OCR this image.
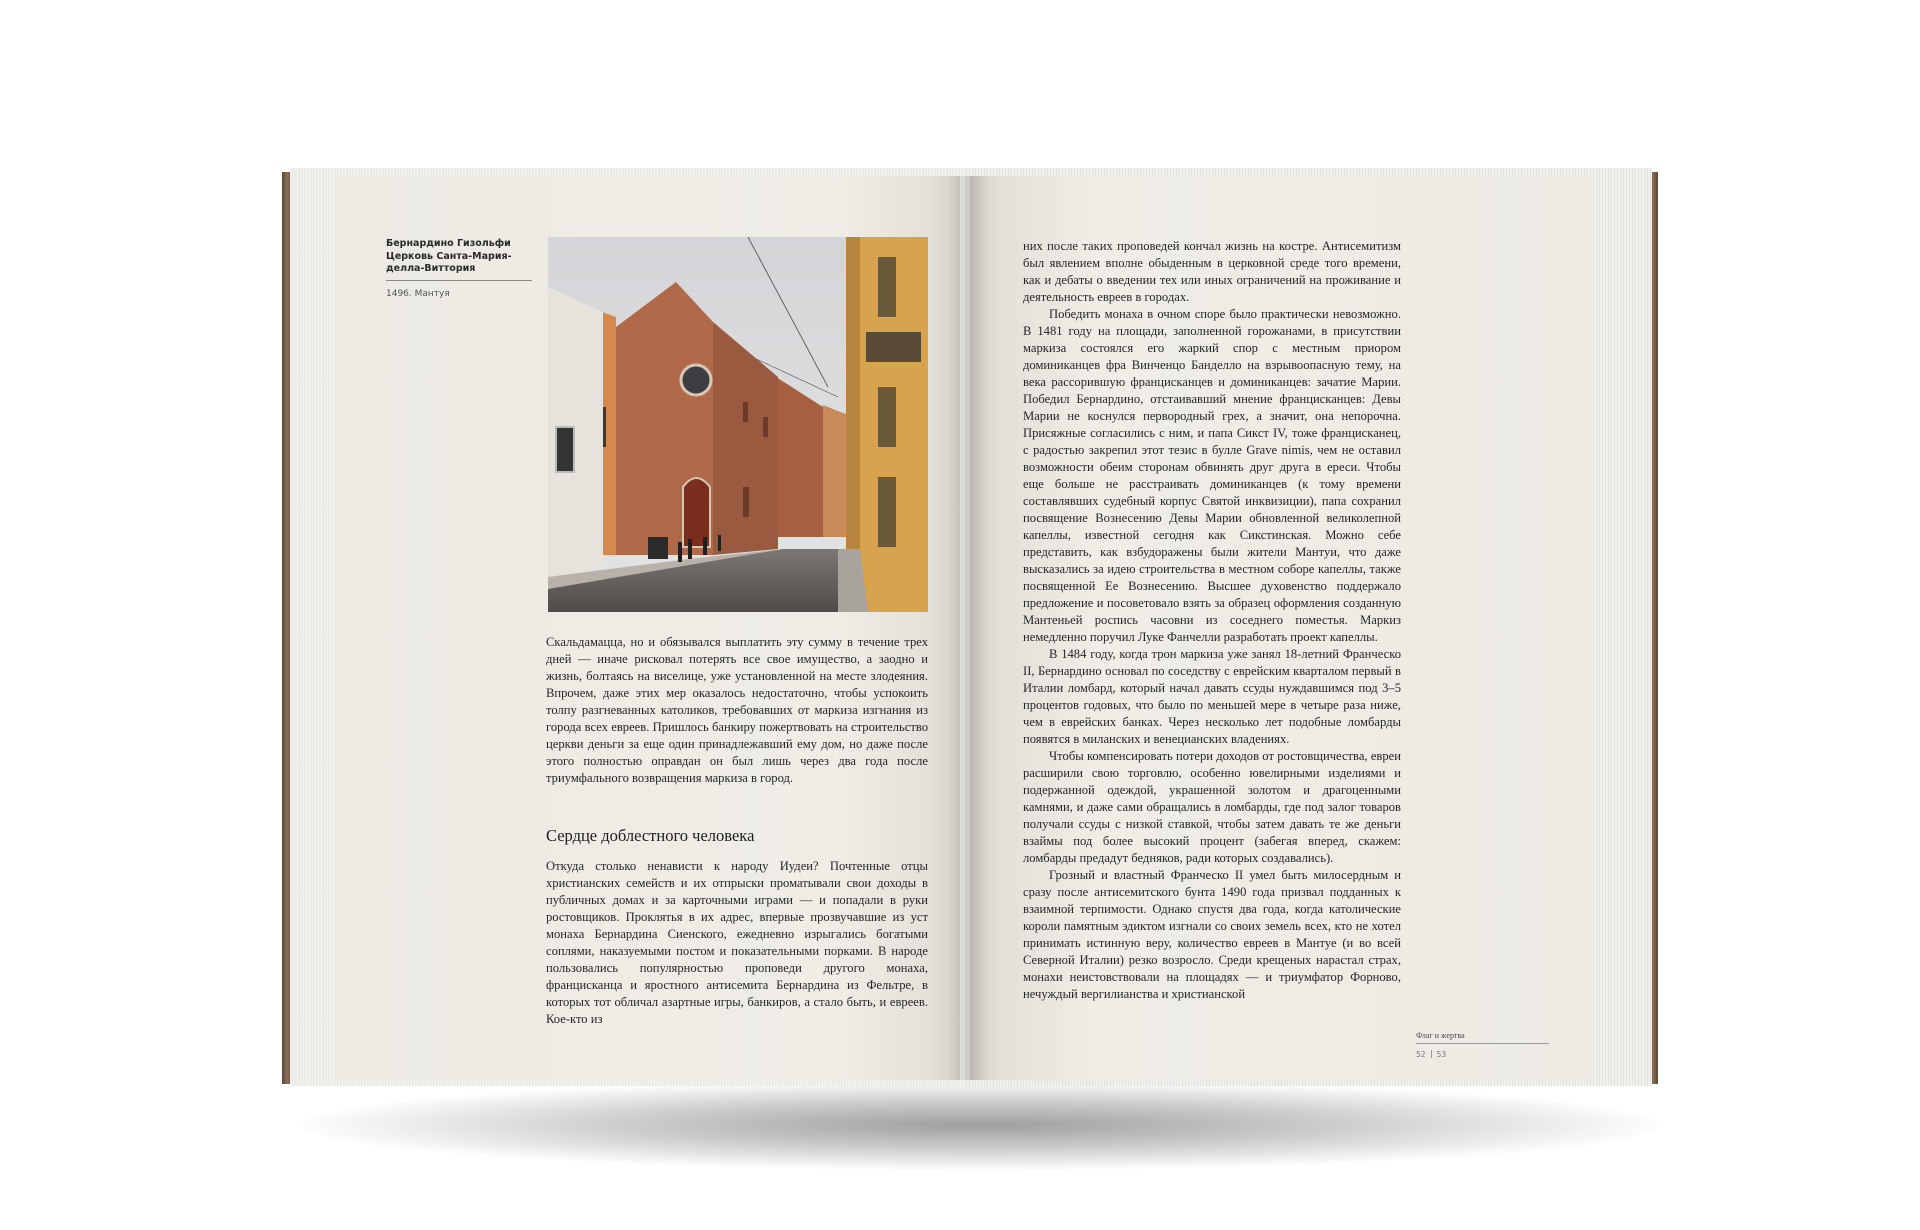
Бернардино Гизольфи
Церковь Санта-Мария-
делла-Виттория
1496. Мантуя

Скальдамацца, но и обязывался выплатить эту сумму в течение трех дней — иначе рисковал потерять все свое имущество, а заодно и жизнь, болтаясь на виселице, уже установленной на месте злодеяния. Впрочем, даже этих мер оказалось недостаточно, чтобы успокоить толпу разгневанных католиков, требовавших от маркиза изгнания из города всех евреев. Пришлось банкиру пожертвовать на строительство церкви деньги за еще один принадлежавший ему дом, но даже после этого полностью оправдан он был лишь через два года после триумфального возвращения маркиза в город.

Сердце доблестного человека

Откуда столько ненависти к народу Иудеи? Почтенные отцы христианских семейств и их отпрыски проматывали свои доходы в публичных домах и за карточными играми — и попадали в руки ростовщиков. Проклятья в их адрес, впервые прозвучавшие из уст монаха Бернардина Сиенского, ежедневно изрыгались богатыми соплями, наказуемыми постом и показательными порками. В народе пользовались популярностью проповеди другого монаха, францисканца и яростного антисемита Бернардина из Фельтре, в которых тот обличал азартные игры, банкиров, а стало быть, и евреев. Кое-кто из

них после таких проповедей кончал жизнь на костре. Антисемитизм был явлением вполне обыденным в церковной среде того времени, как и дебаты о введении тех или иных ограничений на проживание и деятельность евреев в городах.

Победить монаха в очном споре было практически невозможно. В 1481 году на площади, заполненной горожанами, в присутствии маркиза состоялся его жаркий спор с местным приором доминиканцев фра Винченцо Банделло на взрывоопасную тему, на века рассорившую францисканцев и доминиканцев: зачатие Марии. Победил Бернардино, отстаивавший мнение францисканцев: Девы Марии не коснулся первородный грех, а значит, она непорочна. Присяжные согласились с ним, и папа Сикст IV, тоже францисканец, с радостью закрепил этот тезис в булле Grave nimis, чем не оставил возможности обеим сторонам обвинять друг друга в ереси. Чтобы еще больше не расстраивать доминиканцев (к тому времени составлявших судебный корпус Святой инквизиции), папа сохранил посвящение Вознесению Девы Марии обновленной великолепной капеллы, известной сегодня как Сикстинская. Можно себе представить, как взбудоражены были жители Мантуи, что даже высказались за идею строительства в местном соборе капеллы, также посвященной Ее Вознесению. Высшее духовенство поддержало предложение и посоветовало взять за образец оформления созданную Мантеньей роспись часовни из соседнего поместья. Маркиз немедленно поручил Луке Фанчелли разработать проект капеллы.

В 1484 году, когда трон маркиза уже занял 18-летний Франческо II, Бернардино основал по соседству с еврейским кварталом первый в Италии ломбард, который начал давать ссуды нуждавшимся под 3–5 процентов годовых, что было по меньшей мере в четыре раза ниже, чем в еврейских банках. Через несколько лет подобные ломбарды появятся в миланских и венецианских владениях.

Чтобы компенсировать потери доходов от ростовщичества, евреи расширили свою торговлю, особенно ювелирными изделиями и подержанной одеждой, украшенной золотом и драгоценными камнями, и даже сами обращались в ломбарды, где под залог товаров получали ссуды с низкой ставкой, чтобы затем давать те же деньги взаймы под более высокий процент (забегая вперед, скажем: ломбарды предадут бедняков, ради которых создавались).

Грозный и властный Франческо II умел быть милосердным и сразу после антисемитского бунта 1490 года призвал подданных к взаимной терпимости. Однако спустя два года, когда католические короли памятным эдиктом изгнали со своих земель всех, кто не хотел принимать истинную веру, количество евреев в Мантуе (и во всей Северной Италии) резко возросло. Среди крещеных нарастал страх, монахи неистовствовали на площадях — и триумфатор Форново, нечуждый вергилианства и христианской

Флаг и жертва
52 53
